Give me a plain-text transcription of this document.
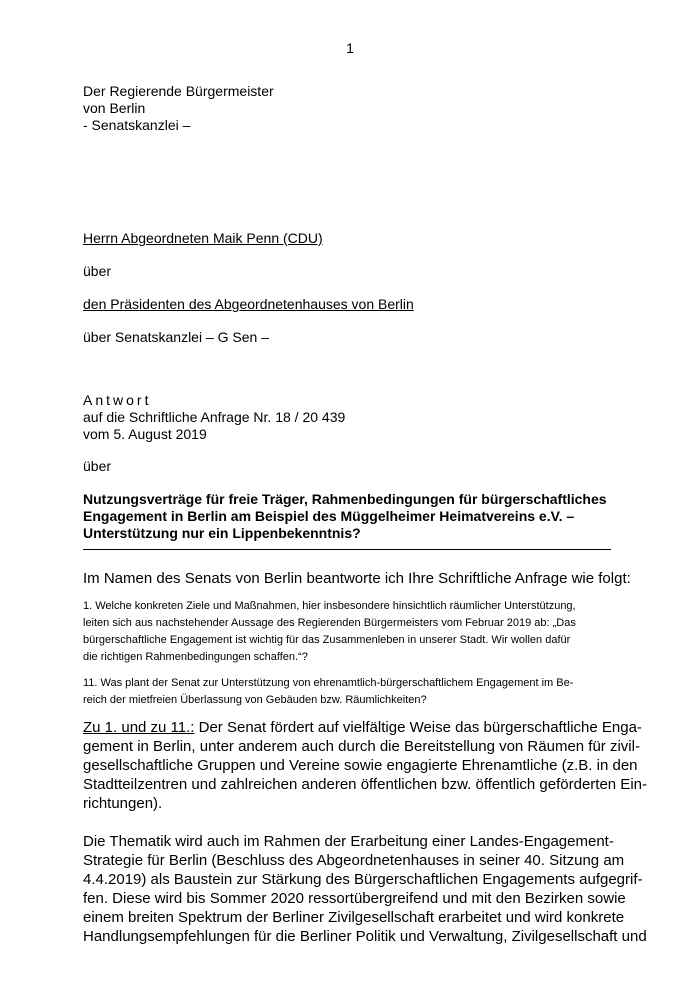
1
Der Regierende Bürgermeister
von Berlin
- Senatskanzlei –
Herrn Abgeordneten Maik Penn (CDU)
über
den Präsidenten des Abgeordnetenhauses von Berlin
über Senatskanzlei – G Sen –
Antwort
auf die Schriftliche Anfrage Nr. 18 / 20 439
vom 5. August 2019
über
Nutzungsverträge für freie Träger, Rahmenbedingungen für bürgerschaftliches
Engagement in Berlin am Beispiel des Müggelheimer Heimatvereins e.V. –
Unterstützung nur ein Lippenbekenntnis?
Im Namen des Senats von Berlin beantworte ich Ihre Schriftliche Anfrage wie folgt:
1. Welche konkreten Ziele und Maßnahmen, hier insbesondere hinsichtlich räumlicher Unterstützung,
leiten sich aus nachstehender Aussage des Regierenden Bürgermeisters vom Februar 2019 ab: „Das
bürgerschaftliche Engagement ist wichtig für das Zusammenleben in unserer Stadt. Wir wollen dafür
die richtigen Rahmenbedingungen schaffen.“?
11. Was plant der Senat zur Unterstützung von ehrenamtlich-bürgerschaftlichem Engagement im Be-
reich der mietfreien Überlassung von Gebäuden bzw. Räumlichkeiten?
Zu 1. und zu 11.: Der Senat fördert auf vielfältige Weise das bürgerschaftliche Enga-
gement in Berlin, unter anderem auch durch die Bereitstellung von Räumen für zivil-
gesellschaftliche Gruppen und Vereine sowie engagierte Ehrenamtliche (z.B. in den
Stadtteilzentren und zahlreichen anderen öffentlichen bzw. öffentlich geförderten Ein-
richtungen).
Die Thematik wird auch im Rahmen der Erarbeitung einer Landes-Engagement-
Strategie für Berlin (Beschluss des Abgeordnetenhauses in seiner 40. Sitzung am
4.4.2019) als Baustein zur Stärkung des Bürgerschaftlichen Engagements aufgegrif-
fen. Diese wird bis Sommer 2020 ressortübergreifend und mit den Bezirken sowie
einem breiten Spektrum der Berliner Zivilgesellschaft erarbeitet und wird konkrete
Handlungsempfehlungen für die Berliner Politik und Verwaltung, Zivilgesellschaft und
